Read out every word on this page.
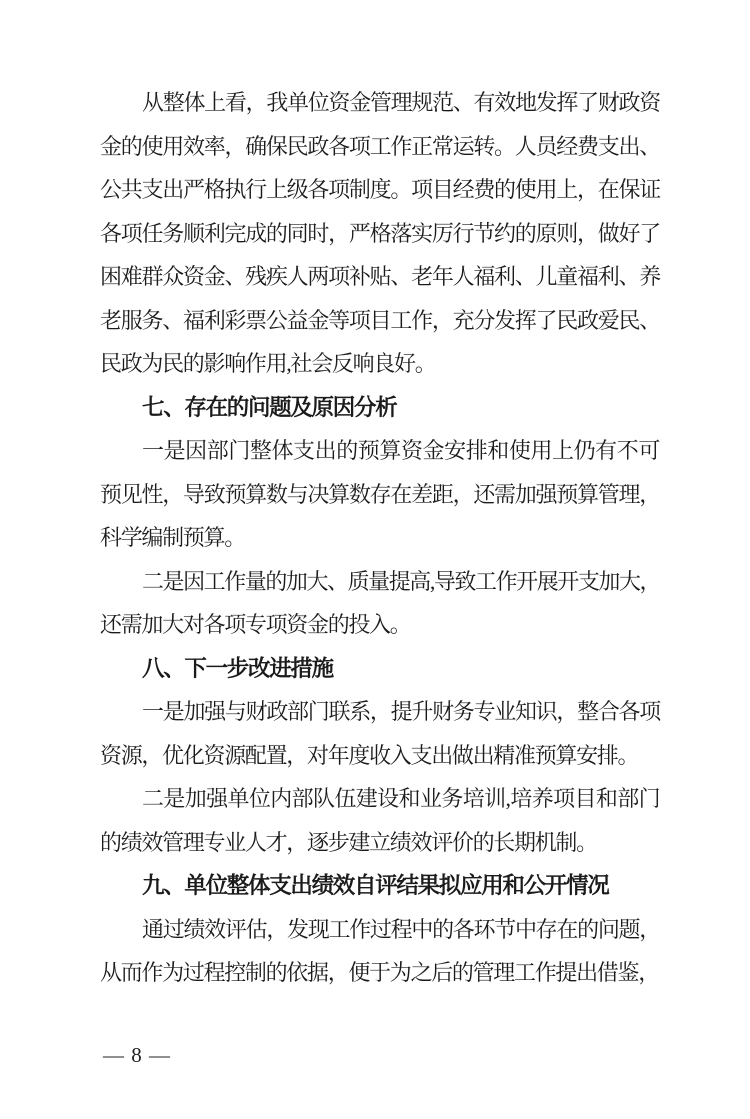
从整体上看，我单位资金管理规范、有效地发挥了财政资
金的使用效率，确保民政各项工作正常运转。人员经费支出、
公共支出严格执行上级各项制度。项目经费的使用上，在保证
各项任务顺利完成的同时，严格落实厉行节约的原则，做好了
困难群众资金、残疾人两项补贴、老年人福利、儿童福利、养
老服务、福利彩票公益金等项目工作，充分发挥了民政爱民、
民政为民的影响作用,社会反响良好。
七、存在的问题及原因分析
一是因部门整体支出的预算资金安排和使用上仍有不可
预见性，导致预算数与决算数存在差距，还需加强预算管理，
科学编制预算。
二是因工作量的加大、质量提高,导致工作开展开支加大，
还需加大对各项专项资金的投入。
八、下一步改进措施
一是加强与财政部门联系，提升财务专业知识，整合各项
资源，优化资源配置，对年度收入支出做出精准预算安排。
二是加强单位内部队伍建设和业务培训,培养项目和部门
的绩效管理专业人才，逐步建立绩效评价的长期机制。
九、单位整体支出绩效自评结果拟应用和公开情况
通过绩效评估，发现工作过程中的各环节中存在的问题，
从而作为过程控制的依据，便于为之后的管理工作提出借鉴，
— 8 —
